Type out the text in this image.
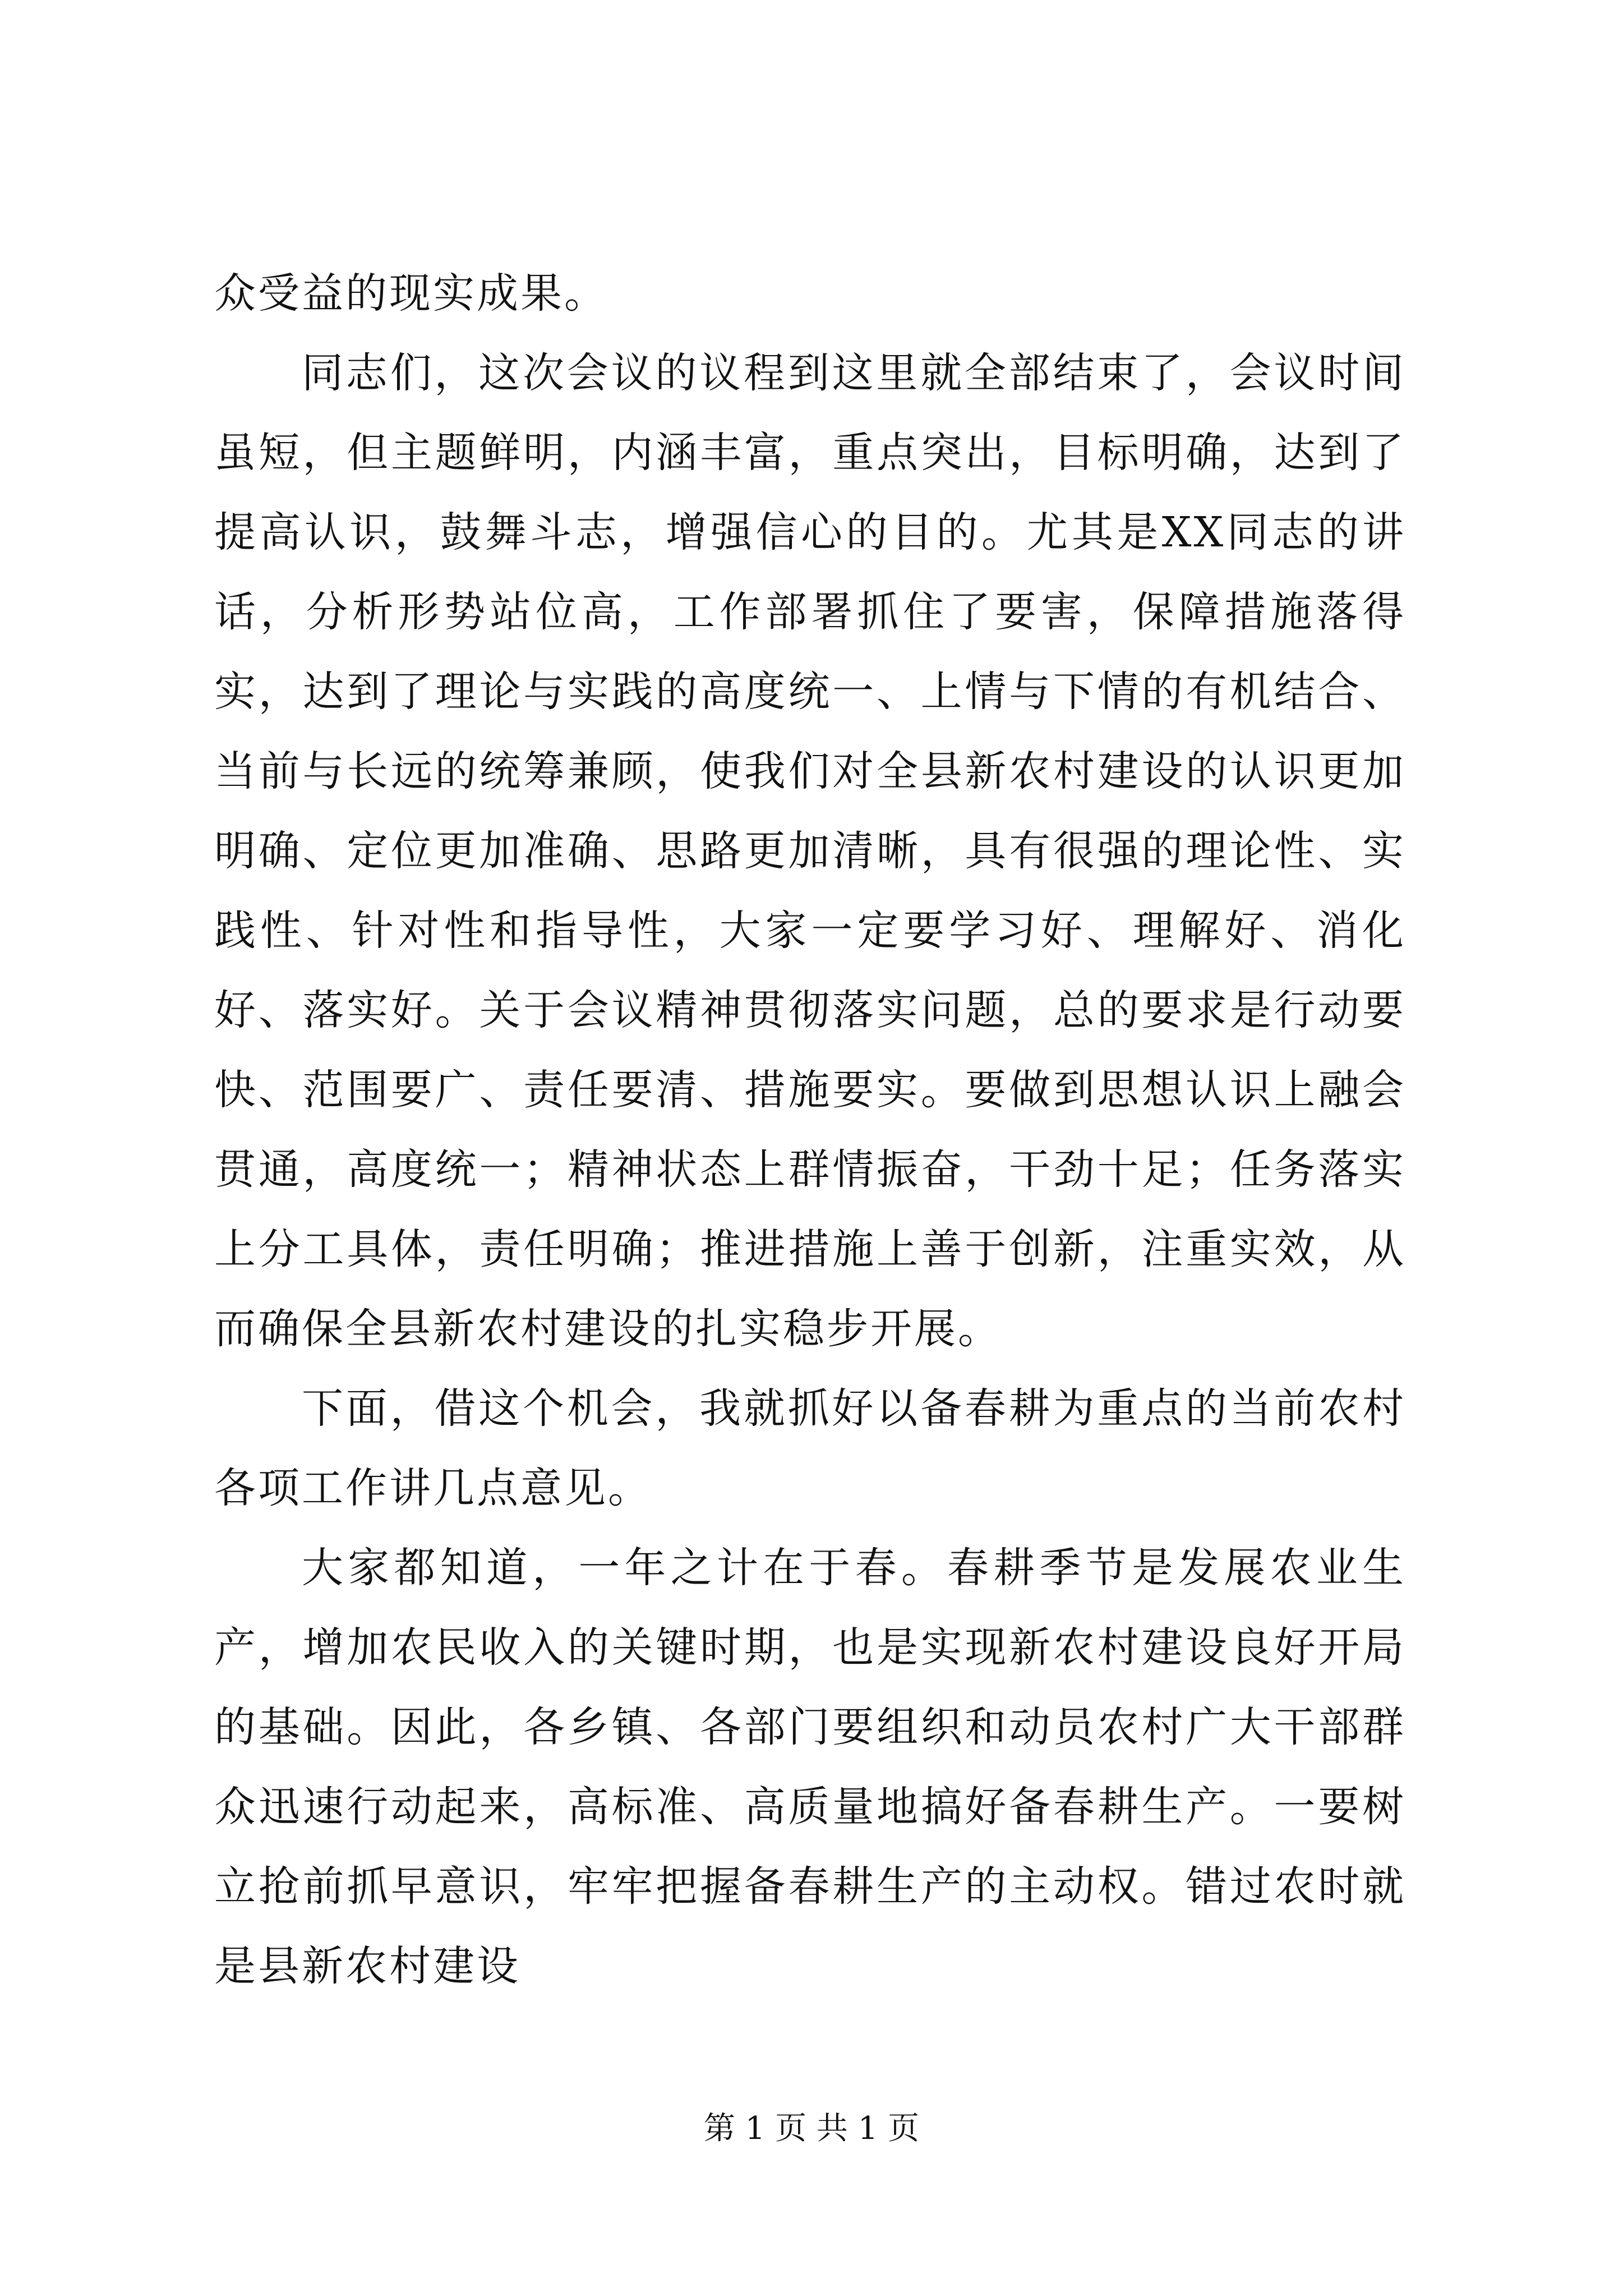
众受益的现实成果。

同志们，这次会议的议程到这里就全部结束了，会议时间虽短，但主题鲜明，内涵丰富，重点突出，目标明确，达到了提高认识，鼓舞斗志，增强信心的目的。尤其是XX同志的讲话，分析形势站位高，工作部署抓住了要害，保障措施落得实，达到了理论与实践的高度统一、上情与下情的有机结合、当前与长远的统筹兼顾，使我们对全县新农村建设的认识更加明确、定位更加准确、思路更加清晰，具有很强的理论性、实践性、针对性和指导性，大家一定要学习好、理解好、消化好、落实好。关于会议精神贯彻落实问题，总的要求是行动要快、范围要广、责任要清、措施要实。要做到思想认识上融会贯通，高度统一；精神状态上群情振奋，干劲十足；任务落实上分工具体，责任明确；推进措施上善于创新，注重实效，从而确保全县新农村建设的扎实稳步开展。

下面，借这个机会，我就抓好以备春耕为重点的当前农村各项工作讲几点意见。

大家都知道，一年之计在于春。春耕季节是发展农业生产，增加农民收入的关键时期，也是实现新农村建设良好开局的基础。因此，各乡镇、各部门要组织和动员农村广大干部群众迅速行动起来，高标准、高质量地搞好备春耕生产。一要树立抢前抓早意识，牢牢把握备春耕生产的主动权。错过农时就是县新农村建设

第 1 页 共 1 页
